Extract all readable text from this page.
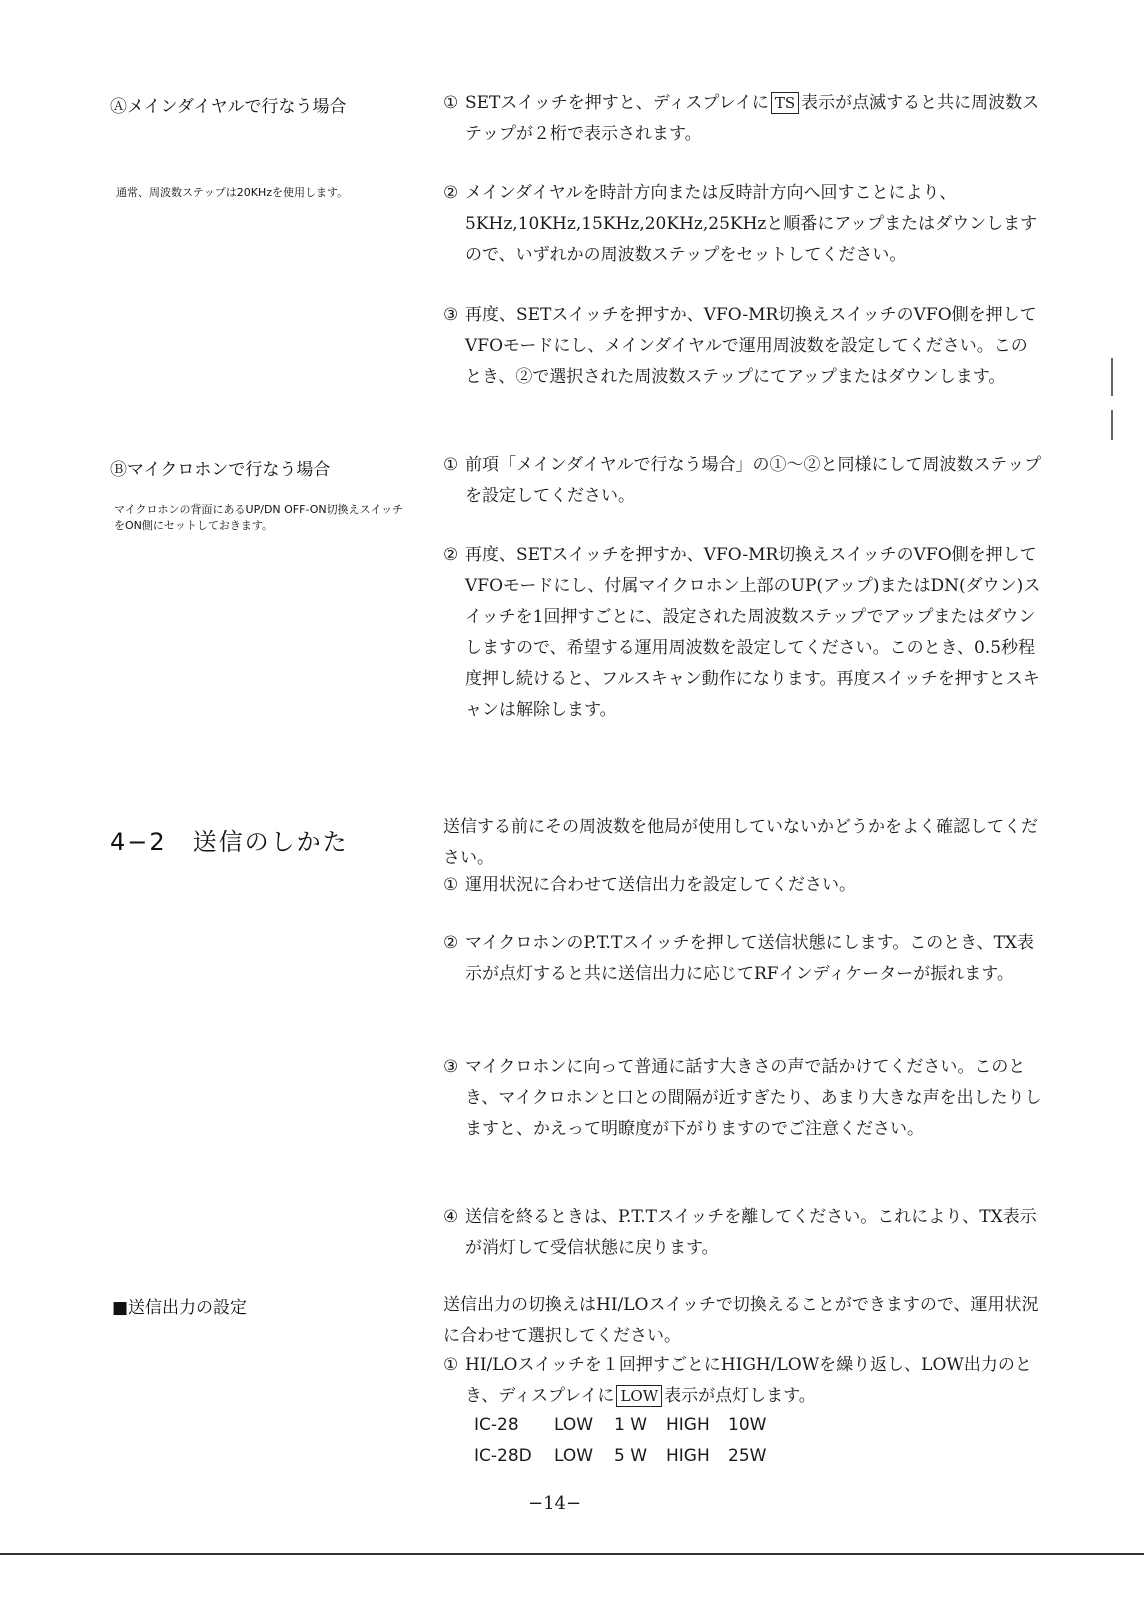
Ⓐメインダイヤルで行なう場合
通常、周波数ステップは20KHzを使用します。
① SETスイッチを押すと、ディスプレイに TS 表示が点滅すると共に周波数ステップが２桁で表示されます。
② メインダイヤルを時計方向または反時計方向へ回すことにより、5KHz,10KHz,15KHz,20KHz,25KHzと順番にアップまたはダウンしますので、いずれかの周波数ステップをセットしてください。
③ 再度、SETスイッチを押すか、VFO-MR切換えスイッチのVFO側を押してVFOモードにし、メインダイヤルで運用周波数を設定してください。このとき、②で選択された周波数ステップにてアップまたはダウンします。
Ⓑマイクロホンで行なう場合
マイクロホンの背面にあるUP/DN OFF-ON切換えスイッチをON側にセットしておきます。
① 前項「メインダイヤルで行なう場合」の①〜②と同様にして周波数ステップを設定してください。
② 再度、SETスイッチを押すか、VFO-MR切換えスイッチのVFO側を押してVFOモードにし、付属マイクロホン上部のUP(アップ)またはDN(ダウン)スイッチを1回押すごとに、設定された周波数ステップでアップまたはダウンしますので、希望する運用周波数を設定してください。このとき、0.5秒程度押し続けると、フルスキャン動作になります。再度スイッチを押すとスキャンは解除します。
4−2　送信のしかた
送信する前にその周波数を他局が使用していないかどうかをよく確認してください。
① 運用状況に合わせて送信出力を設定してください。
② マイクロホンのP.T.Tスイッチを押して送信状態にします。このとき、TX表示が点灯すると共に送信出力に応じてRFインディケーターが振れます。
③ マイクロホンに向って普通に話す大きさの声で話かけてください。このとき、マイクロホンと口との間隔が近すぎたり、あまり大きな声を出したりしますと、かえって明瞭度が下がりますのでご注意ください。
④ 送信を終るときは、P.T.Tスイッチを離してください。これにより、TX表示が消灯して受信状態に戻ります。
■送信出力の設定	送信出力の切換えはHI/LOスイッチで切換えることができますので、運用状況に合わせて選択してください。
① HI/LOスイッチを１回押すごとにHIGH/LOWを繰り返し、LOW出力のとき、ディスプレイに LOW 表示が点灯します。
IC-28 LOW 1 W HIGH 10W
IC-28D LOW 5 W HIGH 25W
−14−
